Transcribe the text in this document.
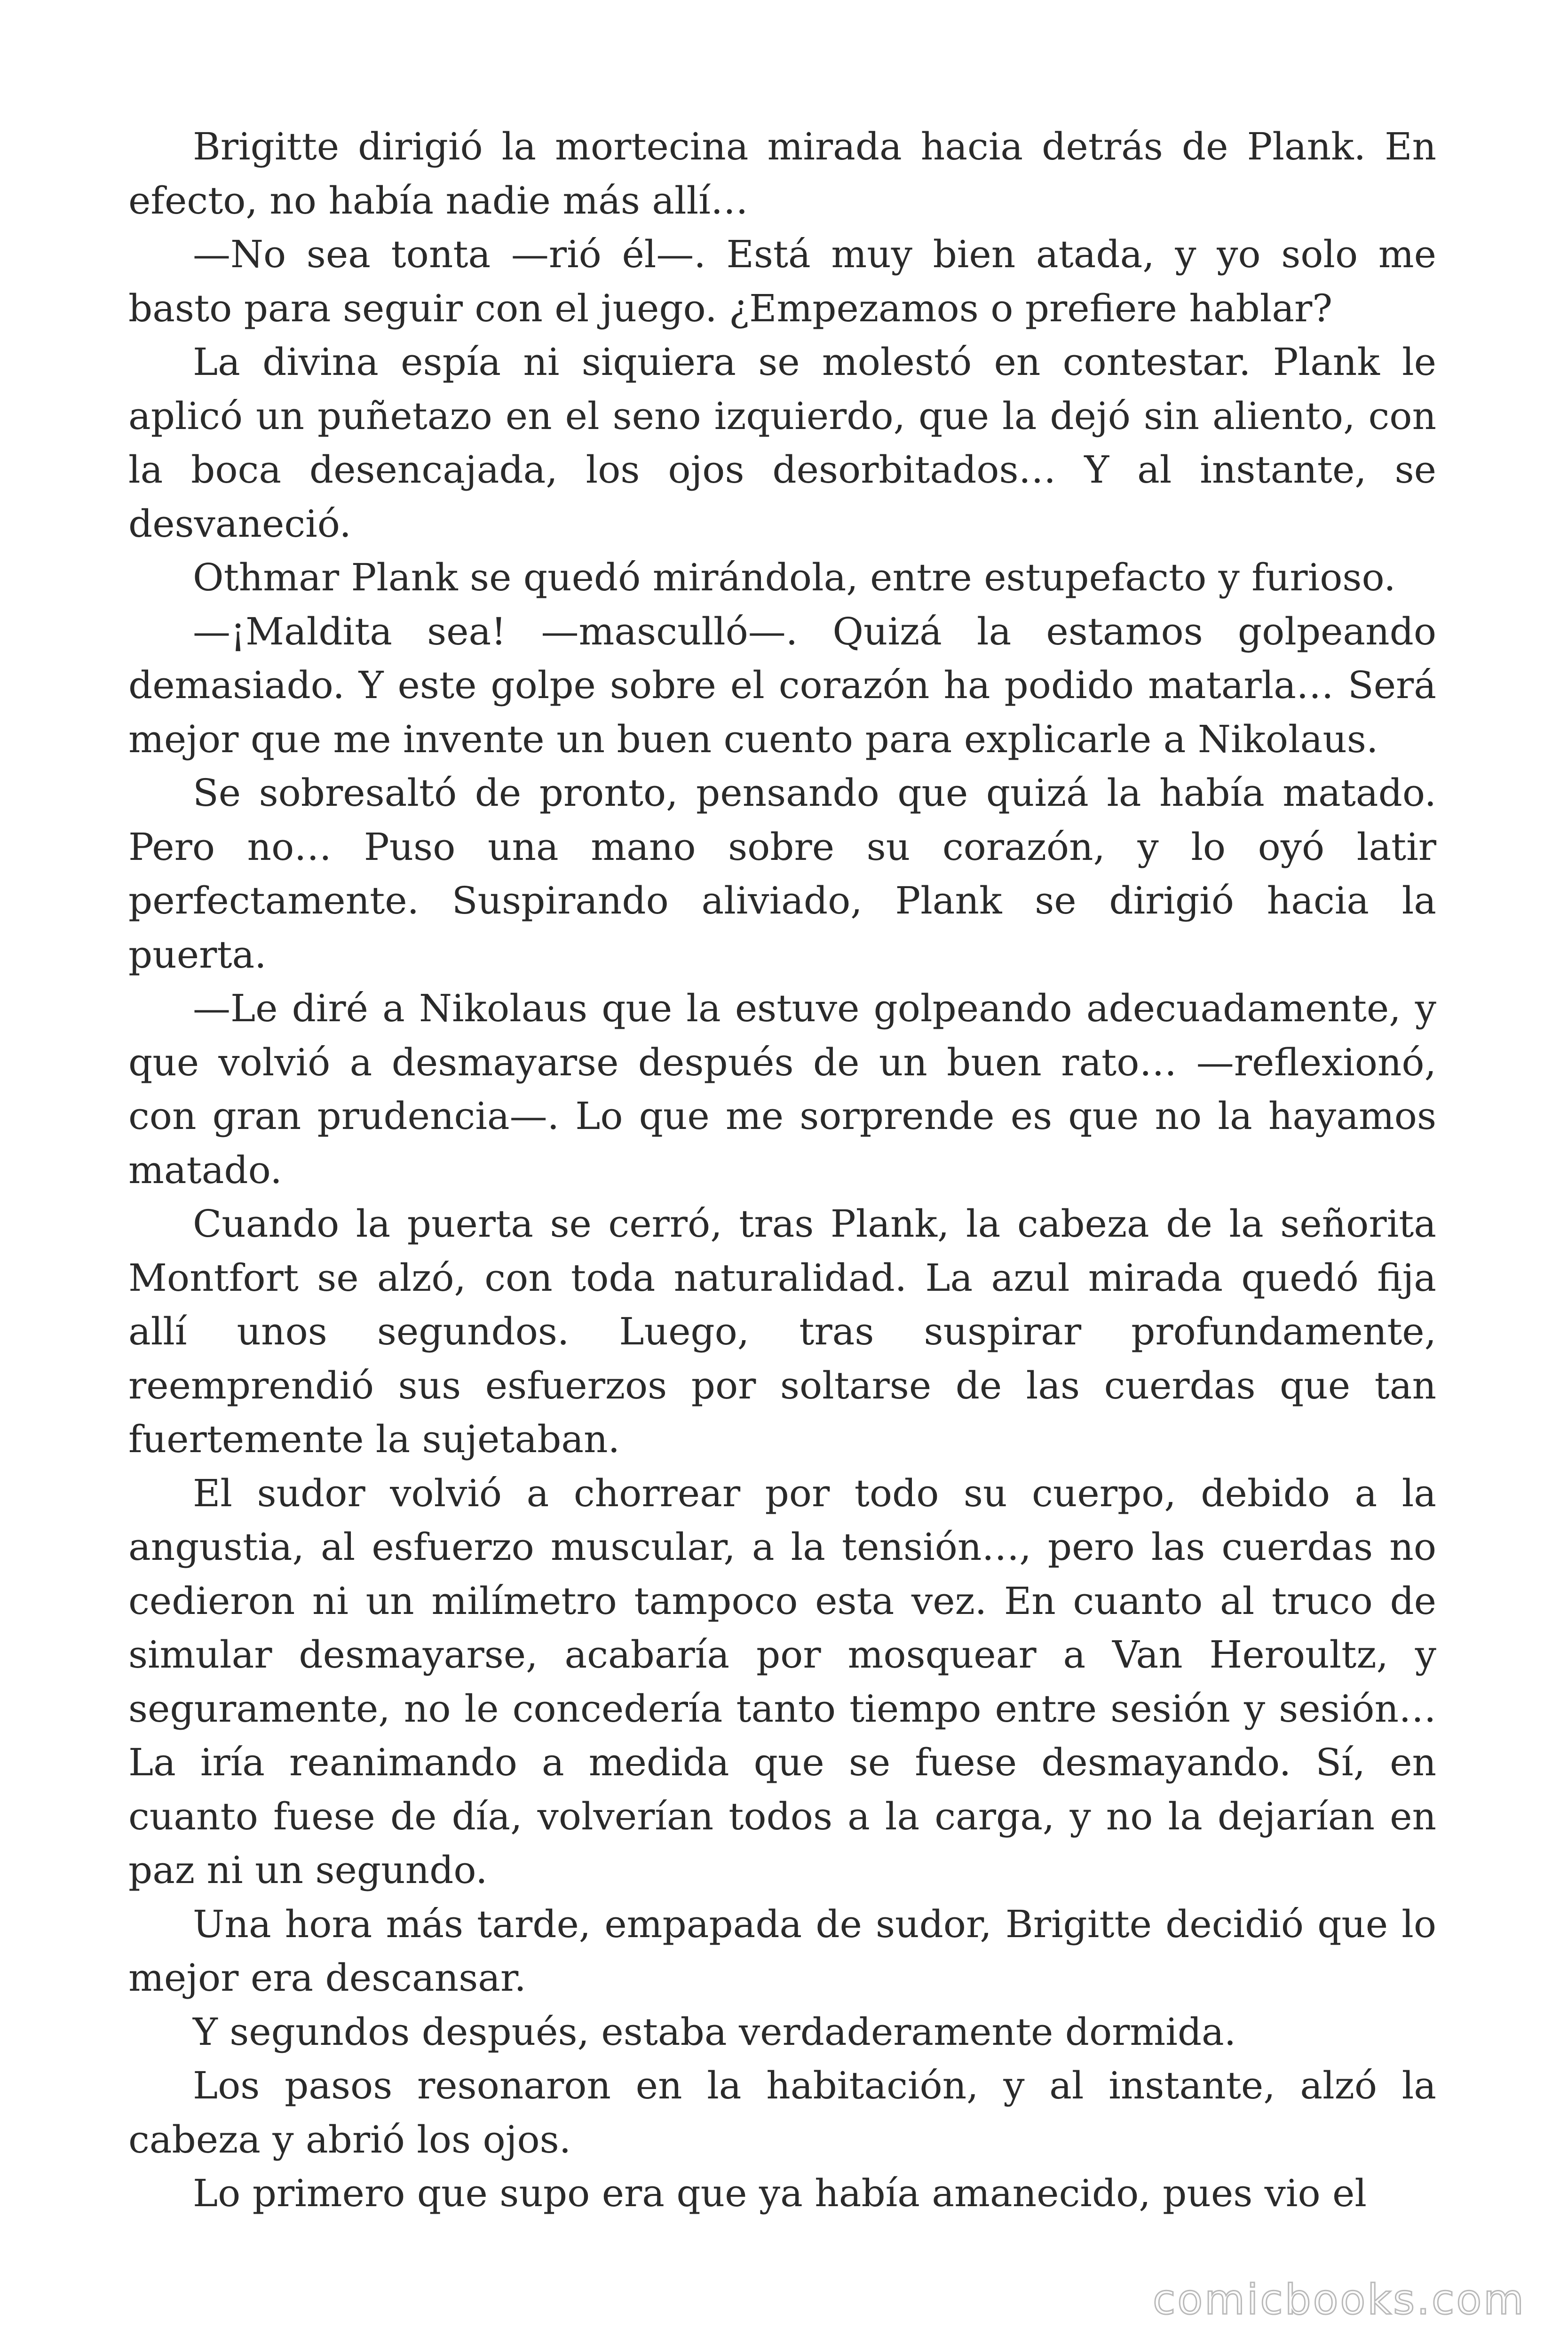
Brigitte dirigió la mortecina mirada hacia detrás de Plank. En efecto, no había nadie más allí…

—No sea tonta —rió él—. Está muy bien atada, y yo solo me basto para seguir con el juego. ¿Empezamos o prefiere hablar?

La divina espía ni siquiera se molestó en contestar. Plank le aplicó un puñetazo en el seno izquierdo, que la dejó sin aliento, con la boca desencajada, los ojos desorbitados… Y al instante, se desvaneció.

Othmar Plank se quedó mirándola, entre estupefacto y furioso.

—¡Maldita sea! —masculló—. Quizá la estamos golpeando demasiado. Y este golpe sobre el corazón ha podido matarla… Será mejor que me invente un buen cuento para explicarle a Nikolaus.

Se sobresaltó de pronto, pensando que quizá la había matado. Pero no… Puso una mano sobre su corazón, y lo oyó latir perfectamente. Suspirando aliviado, Plank se dirigió hacia la puerta.

—Le diré a Nikolaus que la estuve golpeando adecuadamente, y que volvió a desmayarse después de un buen rato… —reflexionó, con gran prudencia—. Lo que me sorprende es que no la hayamos matado.

Cuando la puerta se cerró, tras Plank, la cabeza de la señorita Montfort se alzó, con toda naturalidad. La azul mirada quedó fija allí unos segundos. Luego, tras suspirar profundamente, reemprendió sus esfuerzos por soltarse de las cuerdas que tan fuertemente la sujetaban.

El sudor volvió a chorrear por todo su cuerpo, debido a la angustia, al esfuerzo muscular, a la tensión…, pero las cuerdas no cedieron ni un milímetro tampoco esta vez. En cuanto al truco de simular desmayarse, acabaría por mosquear a Van Heroultz, y seguramente, no le concedería tanto tiempo entre sesión y sesión… La iría reanimando a medida que se fuese desmayando. Sí, en cuanto fuese de día, volverían todos a la carga, y no la dejarían en paz ni un segundo.

Una hora más tarde, empapada de sudor, Brigitte decidió que lo mejor era descansar.

Y segundos después, estaba verdaderamente dormida.

Los pasos resonaron en la habitación, y al instante, alzó la cabeza y abrió los ojos.

Lo primero que supo era que ya había amanecido, pues vio el

comicbooks.com
